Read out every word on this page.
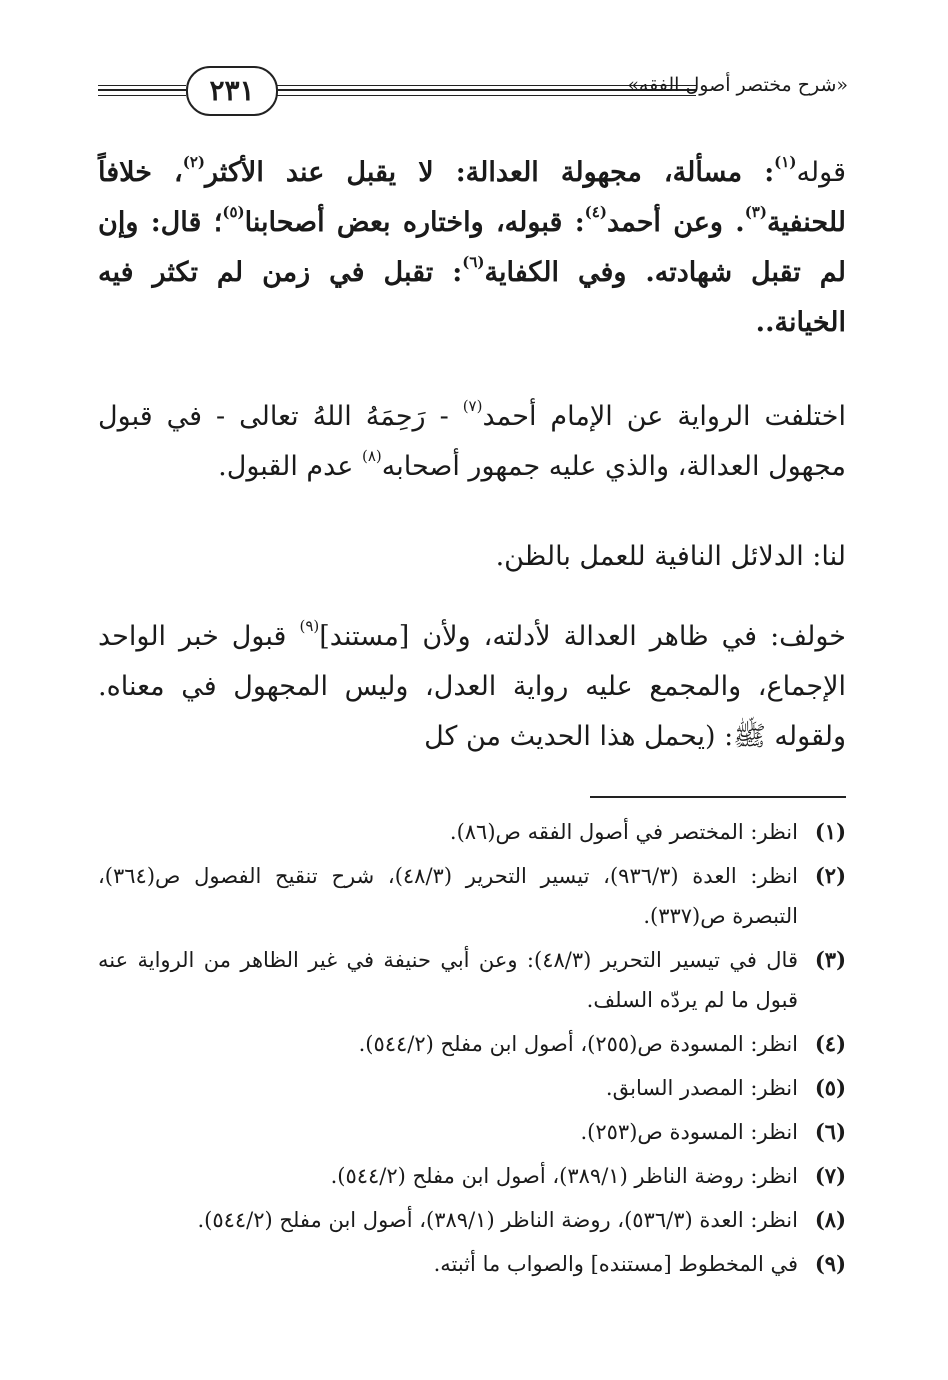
٢٣١	«شرح مختصر أصول الفقه»
قوله$^{(١)}$: مسألة، مجهولة العدالة: لا يقبل عند الأكثر$^{(٢)}$، خلافاً للحنفية$^{(٣)}$. وعن أحمد$^{(٤)}$: قبوله، واختاره بعض أصحابنا$^{(٥)}$؛ قال: وإن لم تقبل شهادته. وفي الكفاية$^{(٦)}$: تقبل في زمن لم تكثر فيه الخيانة..
اختلفت الرواية عن الإمام أحمد$^{(٧)}$ - رَحِمَهُ اللهُ تعالى - في قبول مجهول العدالة، والذي عليه جمهور أصحابه$^{(٨)}$ عدم القبول.
لنا: الدلائل النافية للعمل بالظن.
خولف: في ظاهر العدالة لأدلته، ولأن [مستند]$^{(٩)}$ قبول خبر الواحد الإجماع، والمجمع عليه رواية العدل، وليس المجهول في معناه. ولقوله ﷺ: (يحمل هذا الحديث من كل
(١)
انظر: المختصر في أصول الفقه ص(٨٦).
(٢)
انظر: العدة (٩٣٦/٣)، تيسير التحرير (٤٨/٣)، شرح تنقيح الفصول ص(٣٦٤)، التبصرة ص(٣٣٧).
(٣)
قال في تيسير التحرير (٤٨/٣): وعن أبي حنيفة في غير الظاهر من الرواية عنه قبول ما لم يردّه السلف.
(٤)
انظر: المسودة ص(٢٥٥)، أصول ابن مفلح (٥٤٤/٢).
(٥)
انظر: المصدر السابق.
(٦)
انظر: المسودة ص(٢٥٣).
(٧)
انظر: روضة الناظر (٣٨٩/١)، أصول ابن مفلح (٥٤٤/٢).
(٨)
انظر: العدة (٥٣٦/٣)، روضة الناظر (٣٨٩/١)، أصول ابن مفلح (٥٤٤/٢).
(٩)
في المخطوط [مستنده] والصواب ما أثبته.
